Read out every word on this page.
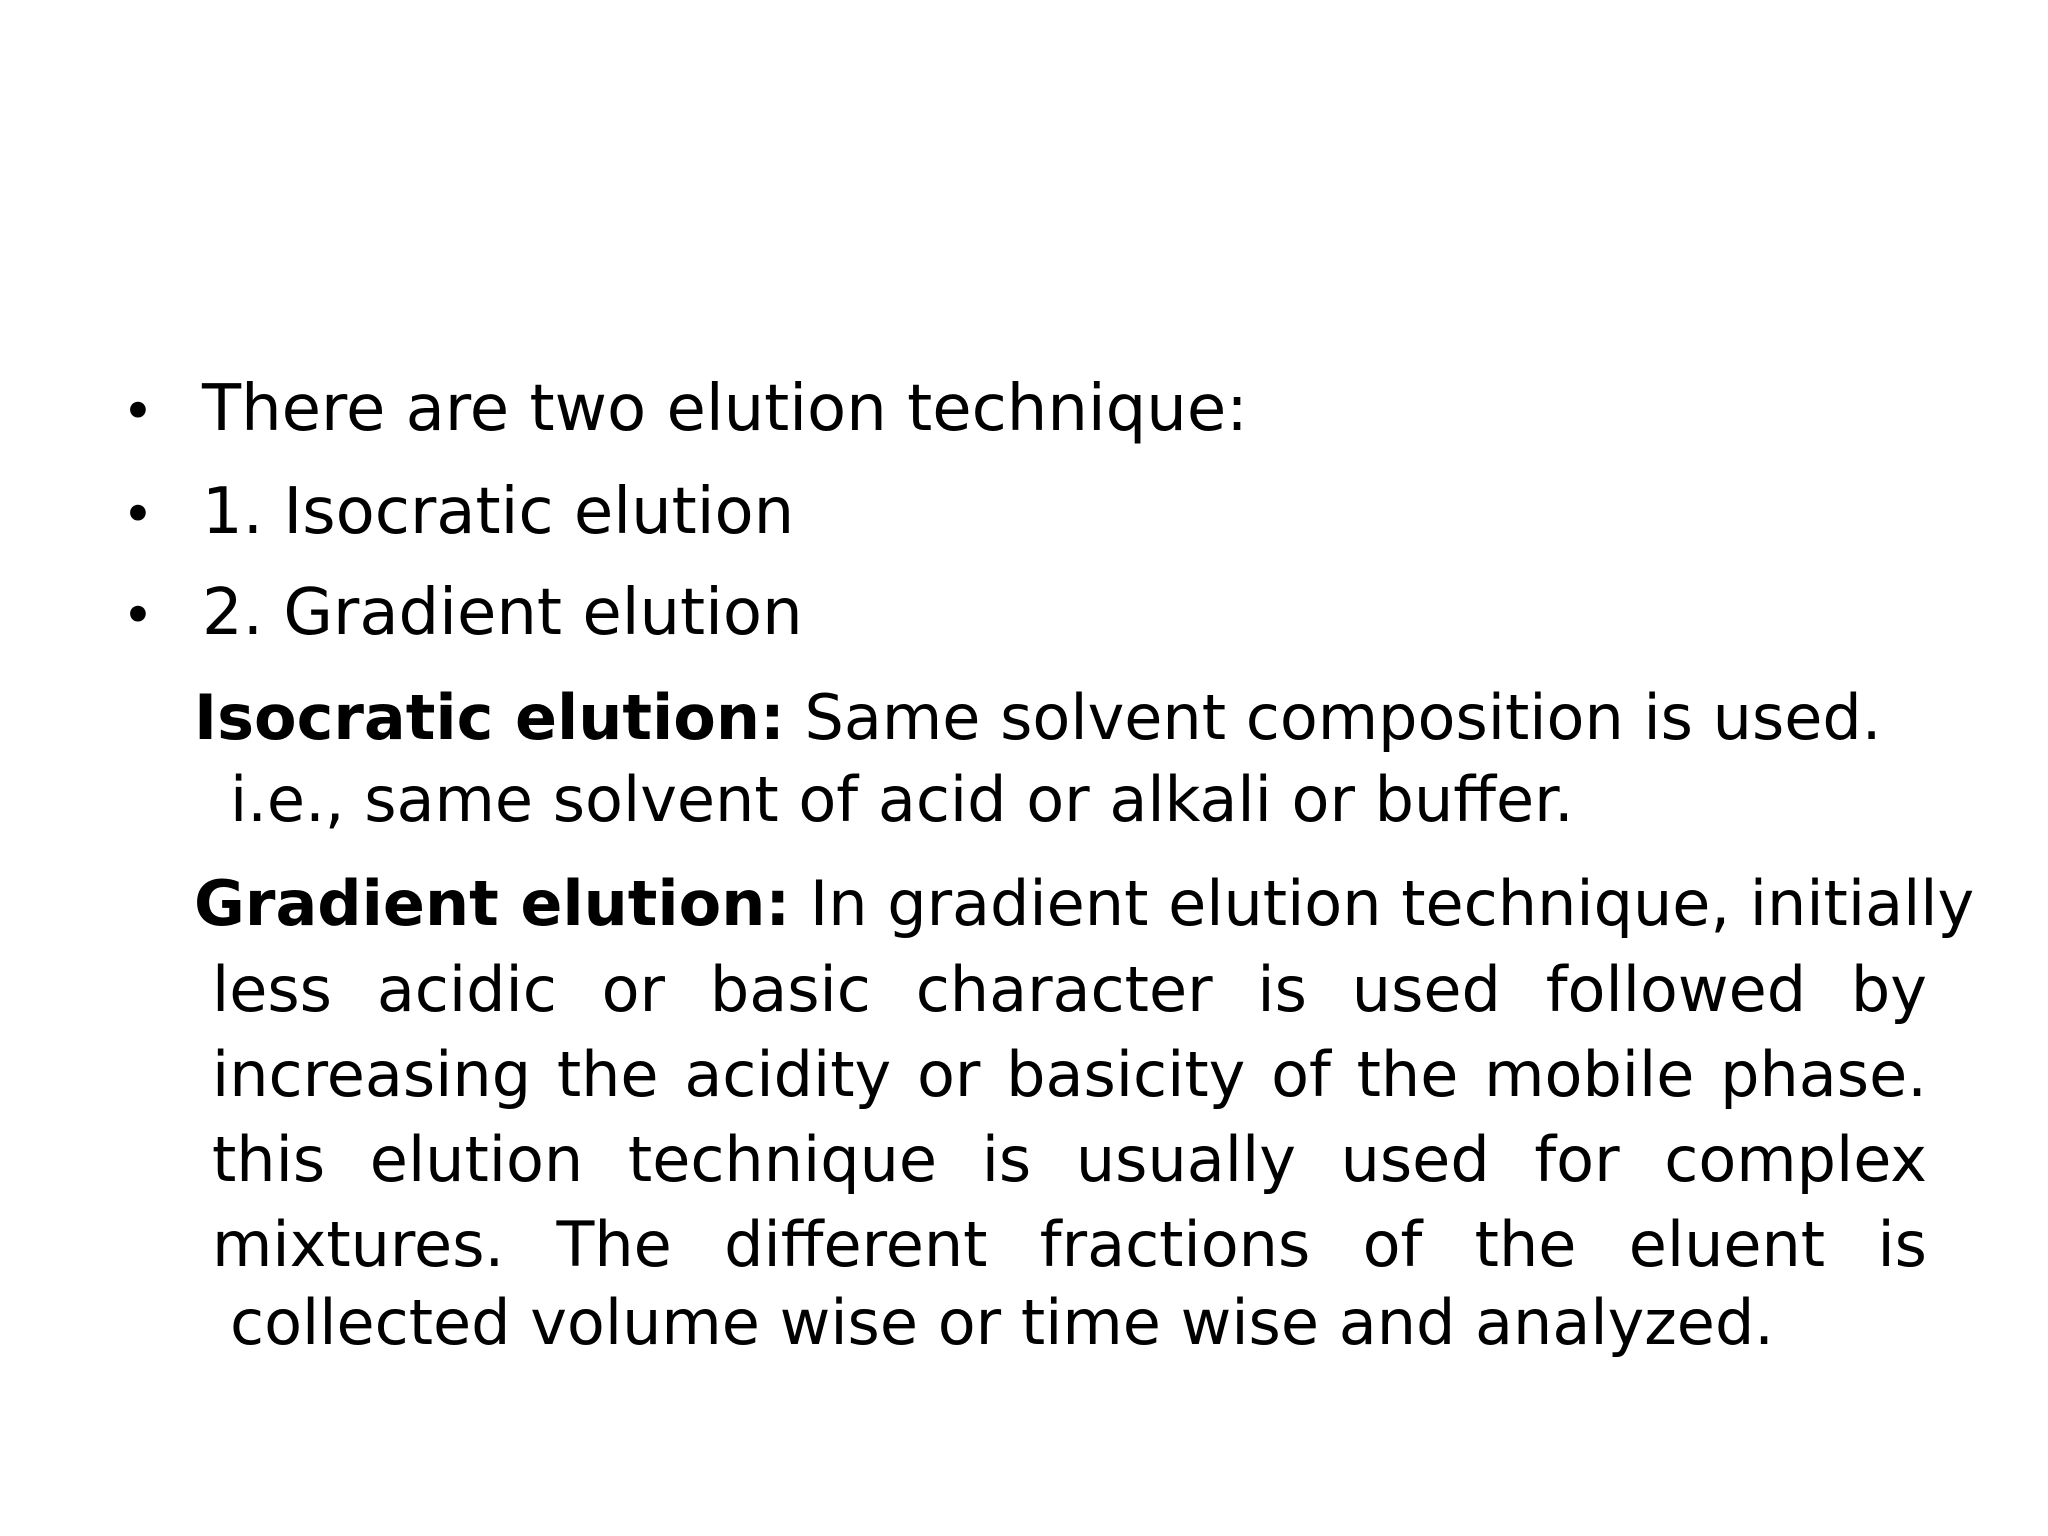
• There are two elution technique:
• 1. Isocratic elution
• 2. Gradient elution
Isocratic elution: Same solvent composition is used.
i.e., same solvent of acid or alkali or buffer.
Gradient elution: In gradient elution technique, initially
less acidic or basic character is used followed by
increasing the acidity or basicity of the mobile phase.
this elution technique is usually used for complex
mixtures. The different fractions of the eluent is
collected volume wise or time wise and analyzed.
